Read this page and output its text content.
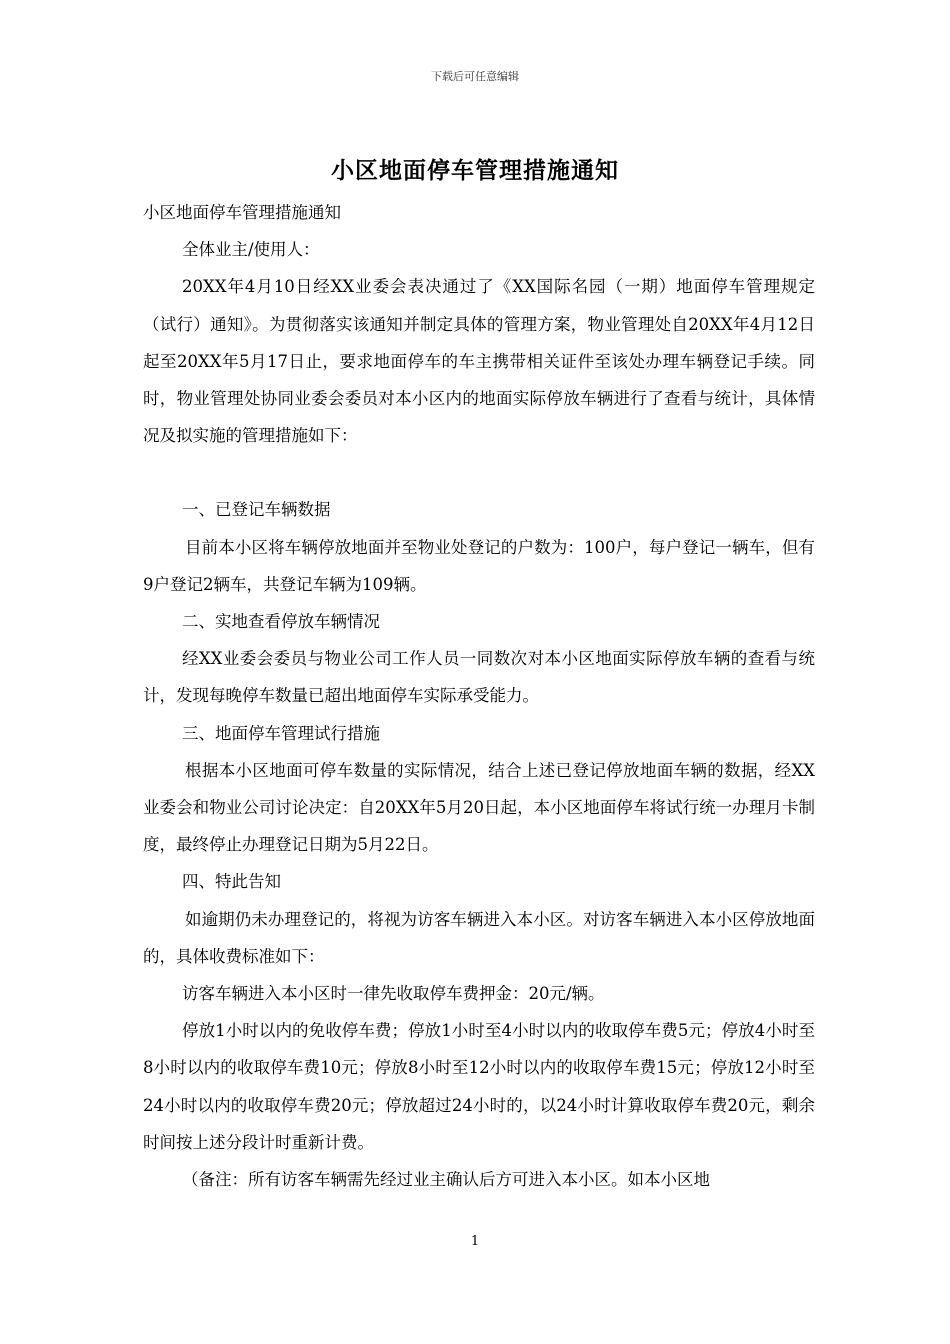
下载后可任意编辑
小区地面停车管理措施通知

小区地面停车管理措施通知

全体业主/使用人：

20XX年4月10日经XX业委会表决通过了《XX国际名园（一期）地面停车管理规定（试行）通知》。为贯彻落实该通知并制定具体的管理方案，物业管理处自20XX年4月12日起至20XX年5月17日止，要求地面停车的车主携带相关证件至该处办理车辆登记手续。同时，物业管理处协同业委会委员对本小区内的地面实际停放车辆进行了查看与统计，具体情况及拟实施的管理措施如下：

一、已登记车辆数据

目前本小区将车辆停放地面并至物业处登记的户数为：100户，每户登记一辆车，但有9户登记2辆车，共登记车辆为109辆。

二、实地查看停放车辆情况

经XX业委会委员与物业公司工作人员一同数次对本小区地面实际停放车辆的查看与统计，发现每晚停车数量已超出地面停车实际承受能力。

三、地面停车管理试行措施

根据本小区地面可停车数量的实际情况，结合上述已登记停放地面车辆的数据，经XX业委会和物业公司讨论决定：自20XX年5月20日起，本小区地面停车将试行统一办理月卡制度，最终停止办理登记日期为5月22日。

四、特此告知

如逾期仍未办理登记的，将视为访客车辆进入本小区。对访客车辆进入本小区停放地面的，具体收费标准如下：

访客车辆进入本小区时一律先收取停车费押金：20元/辆。

停放1小时以内的免收停车费；停放1小时至4小时以内的收取停车费5元；停放4小时至8小时以内的收取停车费10元；停放8小时至12小时以内的收取停车费15元；停放12小时至24小时以内的收取停车费20元；停放超过24小时的，以24小时计算收取停车费20元，剩余时间按上述分段计时重新计费。

（备注：所有访客车辆需先经过业主确认后方可进入本小区。如本小区地

1
